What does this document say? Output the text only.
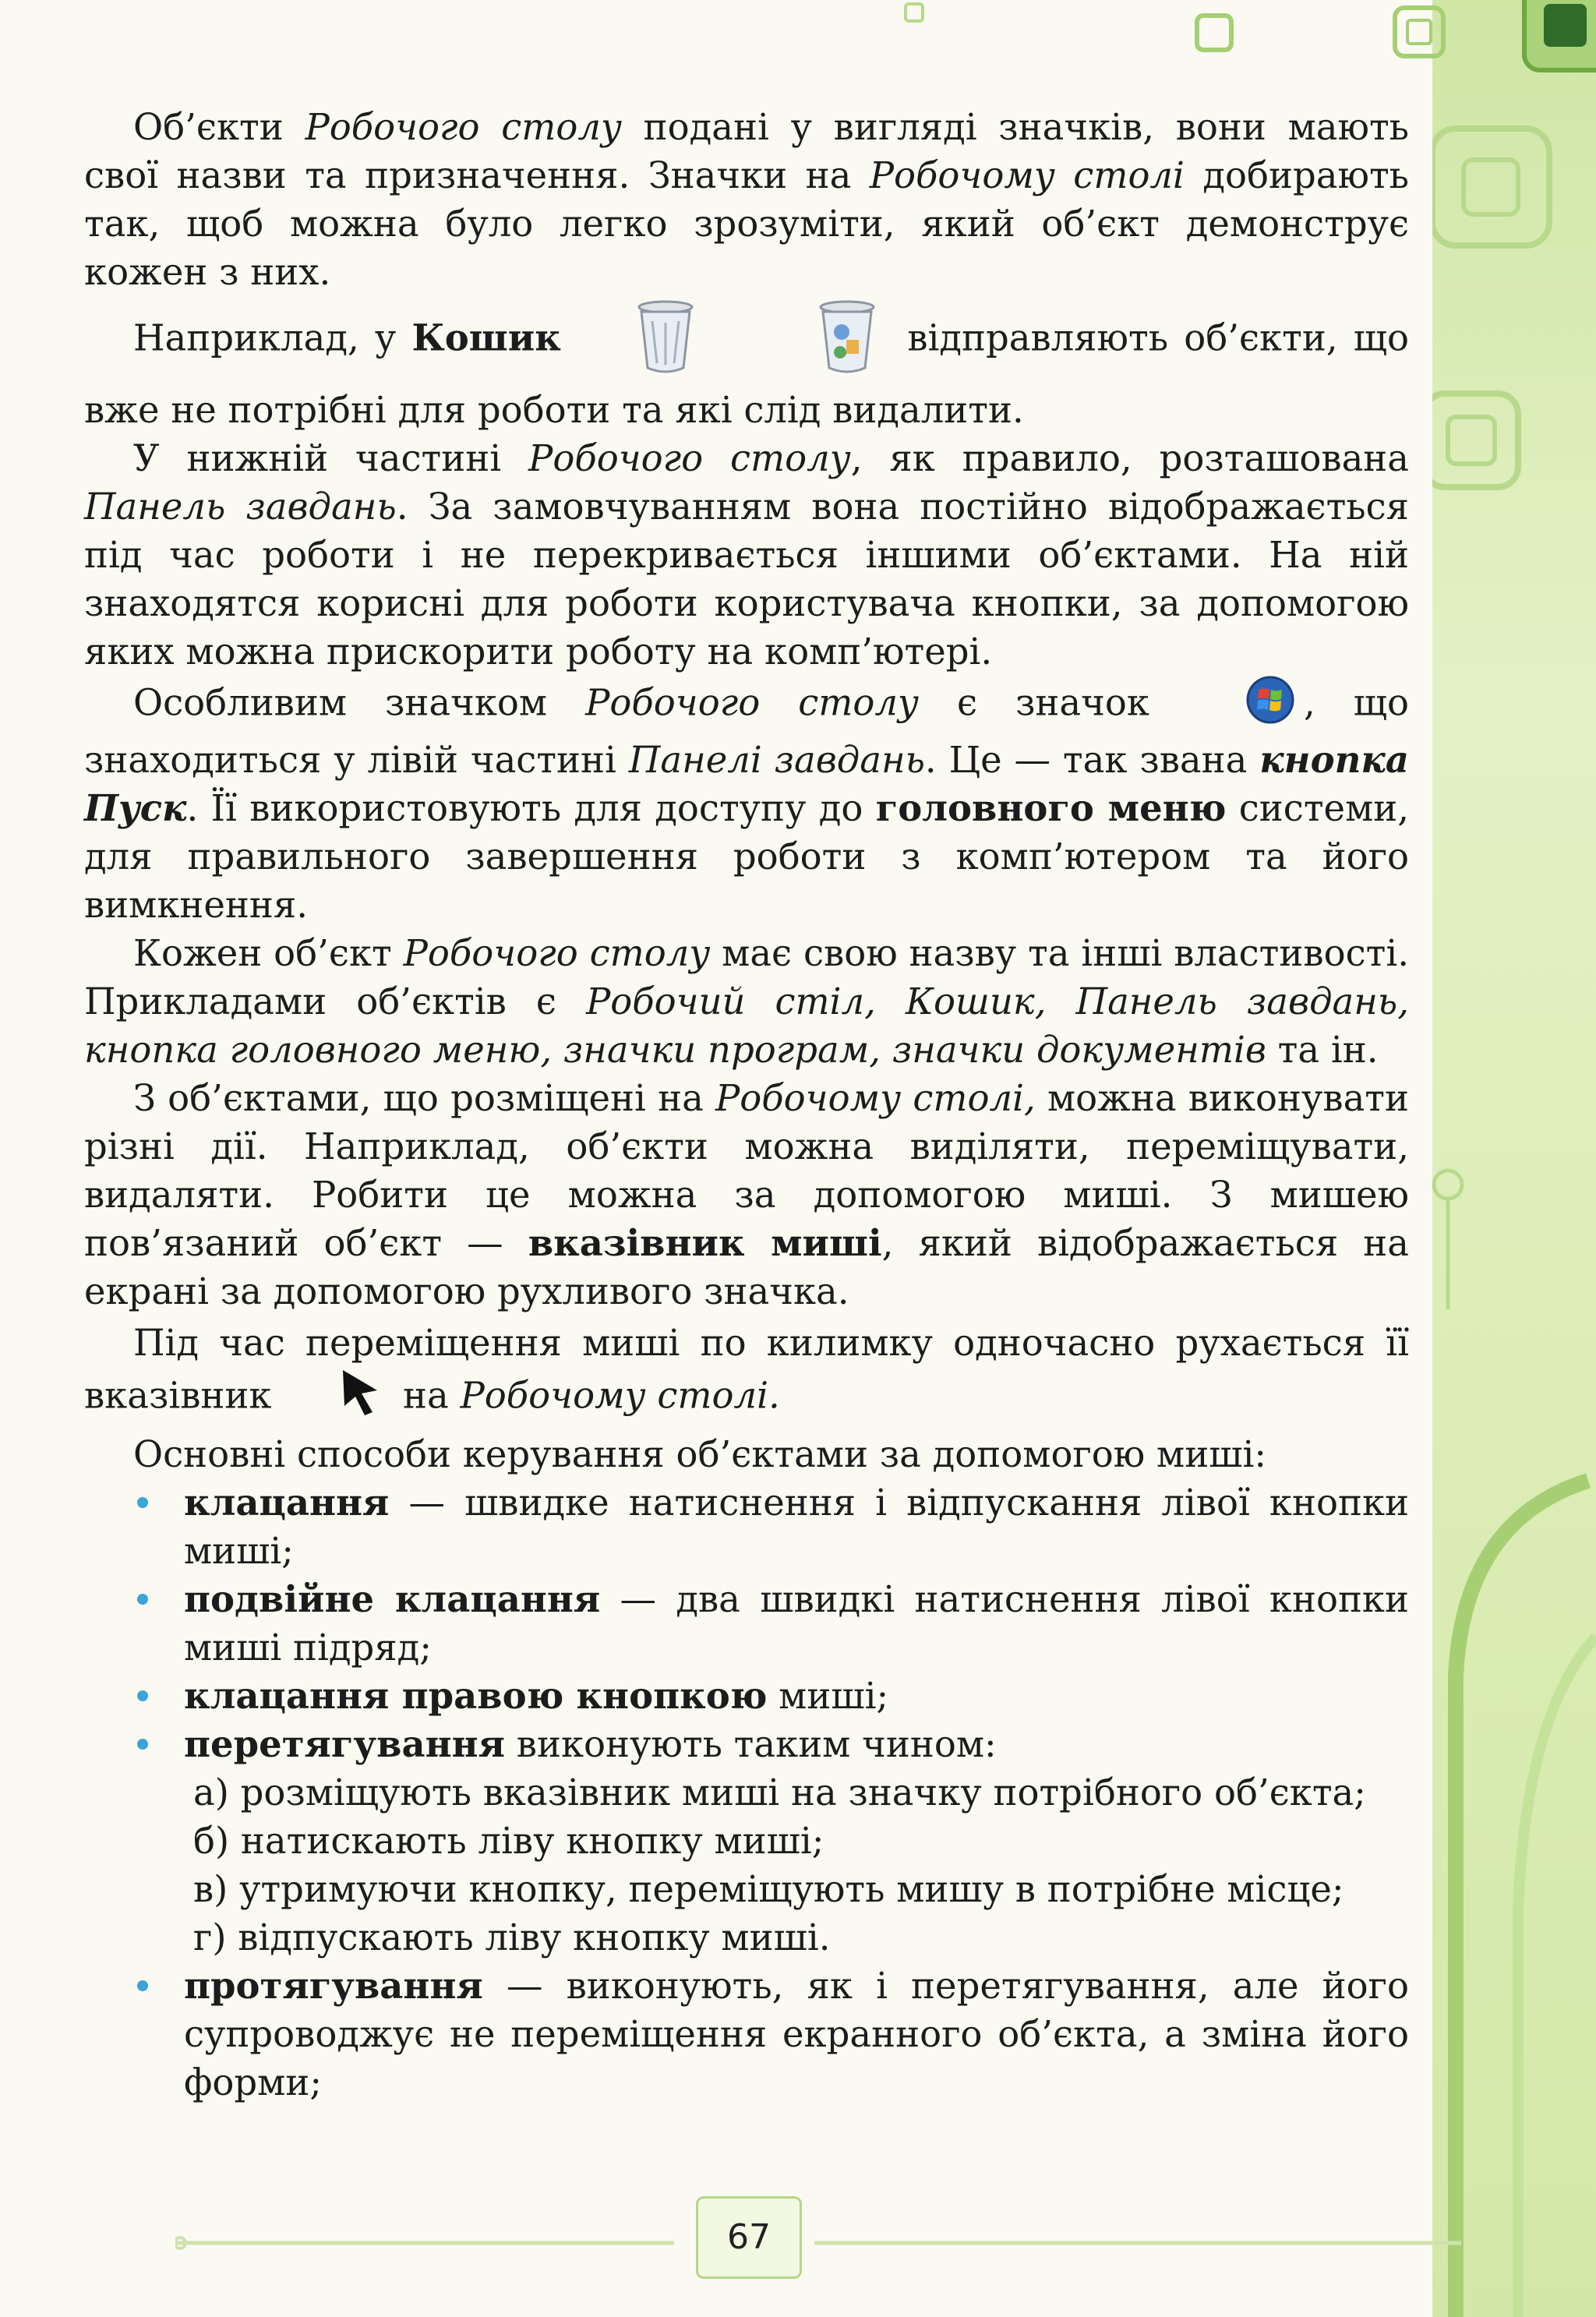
Об’єкти Робочого столу подані у вигляді значків, вони мають свої назви та призначення. Значки на Робочому столі добирають так, щоб можна було легко зрозуміти, який об’єкт демонструє кожен з них.

Наприклад, у Кошик	відправляють об’єкти, що вже не потрібні для роботи та які слід видалити.

У нижній частині Робочого столу, як правило, розташована Панель завдань. За замовчуванням вона постійно відображається під час роботи і не перекривається іншими об’єктами. На ній знаходятся корисні для роботи користувача кнопки, за допомогою яких можна прискорити роботу на комп’ютері.

Особливим значком Робочого столу є значок	, що знаходиться у лівій частині Панелі завдань. Це — так звана кнопка Пуск. Її використовують для доступу до головного меню системи, для правильного завершення роботи з комп’ютером та його вимкнення.

Кожен об’єкт Робочого столу має свою назву та інші властивості. Прикладами об’єктів є Робочий стіл, Кошик, Панель завдань, кнопка головного меню, значки програм, значки документів та ін.

З об’єктами, що розміщені на Робочому столі, можна виконувати різні дії. Наприклад, об’єкти можна виділяти, переміщувати, видаляти. Робити це можна за допомогою миші. З мишею пов’язаний об’єкт — вказівник миші, який відображається на екрані за допомогою рухливого значка.

Під час переміщення миші по килимку одночасно рухається її вказівник	на Робочому столі.

Основні способи керування об’єктами за допомогою миші:

клацання — швидке натиснення і відпускання лівої кнопки миші;
подвійне клацання — два швидкі натиснення лівої кнопки миші підряд;
клацання правою кнопкою миші;
перетягування виконують таким чином:
а) розміщують вказівник миші на значку потрібного об’єкта;
б) натискають ліву кнопку миші;
в) утримуючи кнопку, переміщують мишу в потрібне місце;
г) відпускають ліву кнопку миші.
протягування — виконують, як і перетягування, але його супроводжує не переміщення екранного об’єкта, а зміна його форми;
67
